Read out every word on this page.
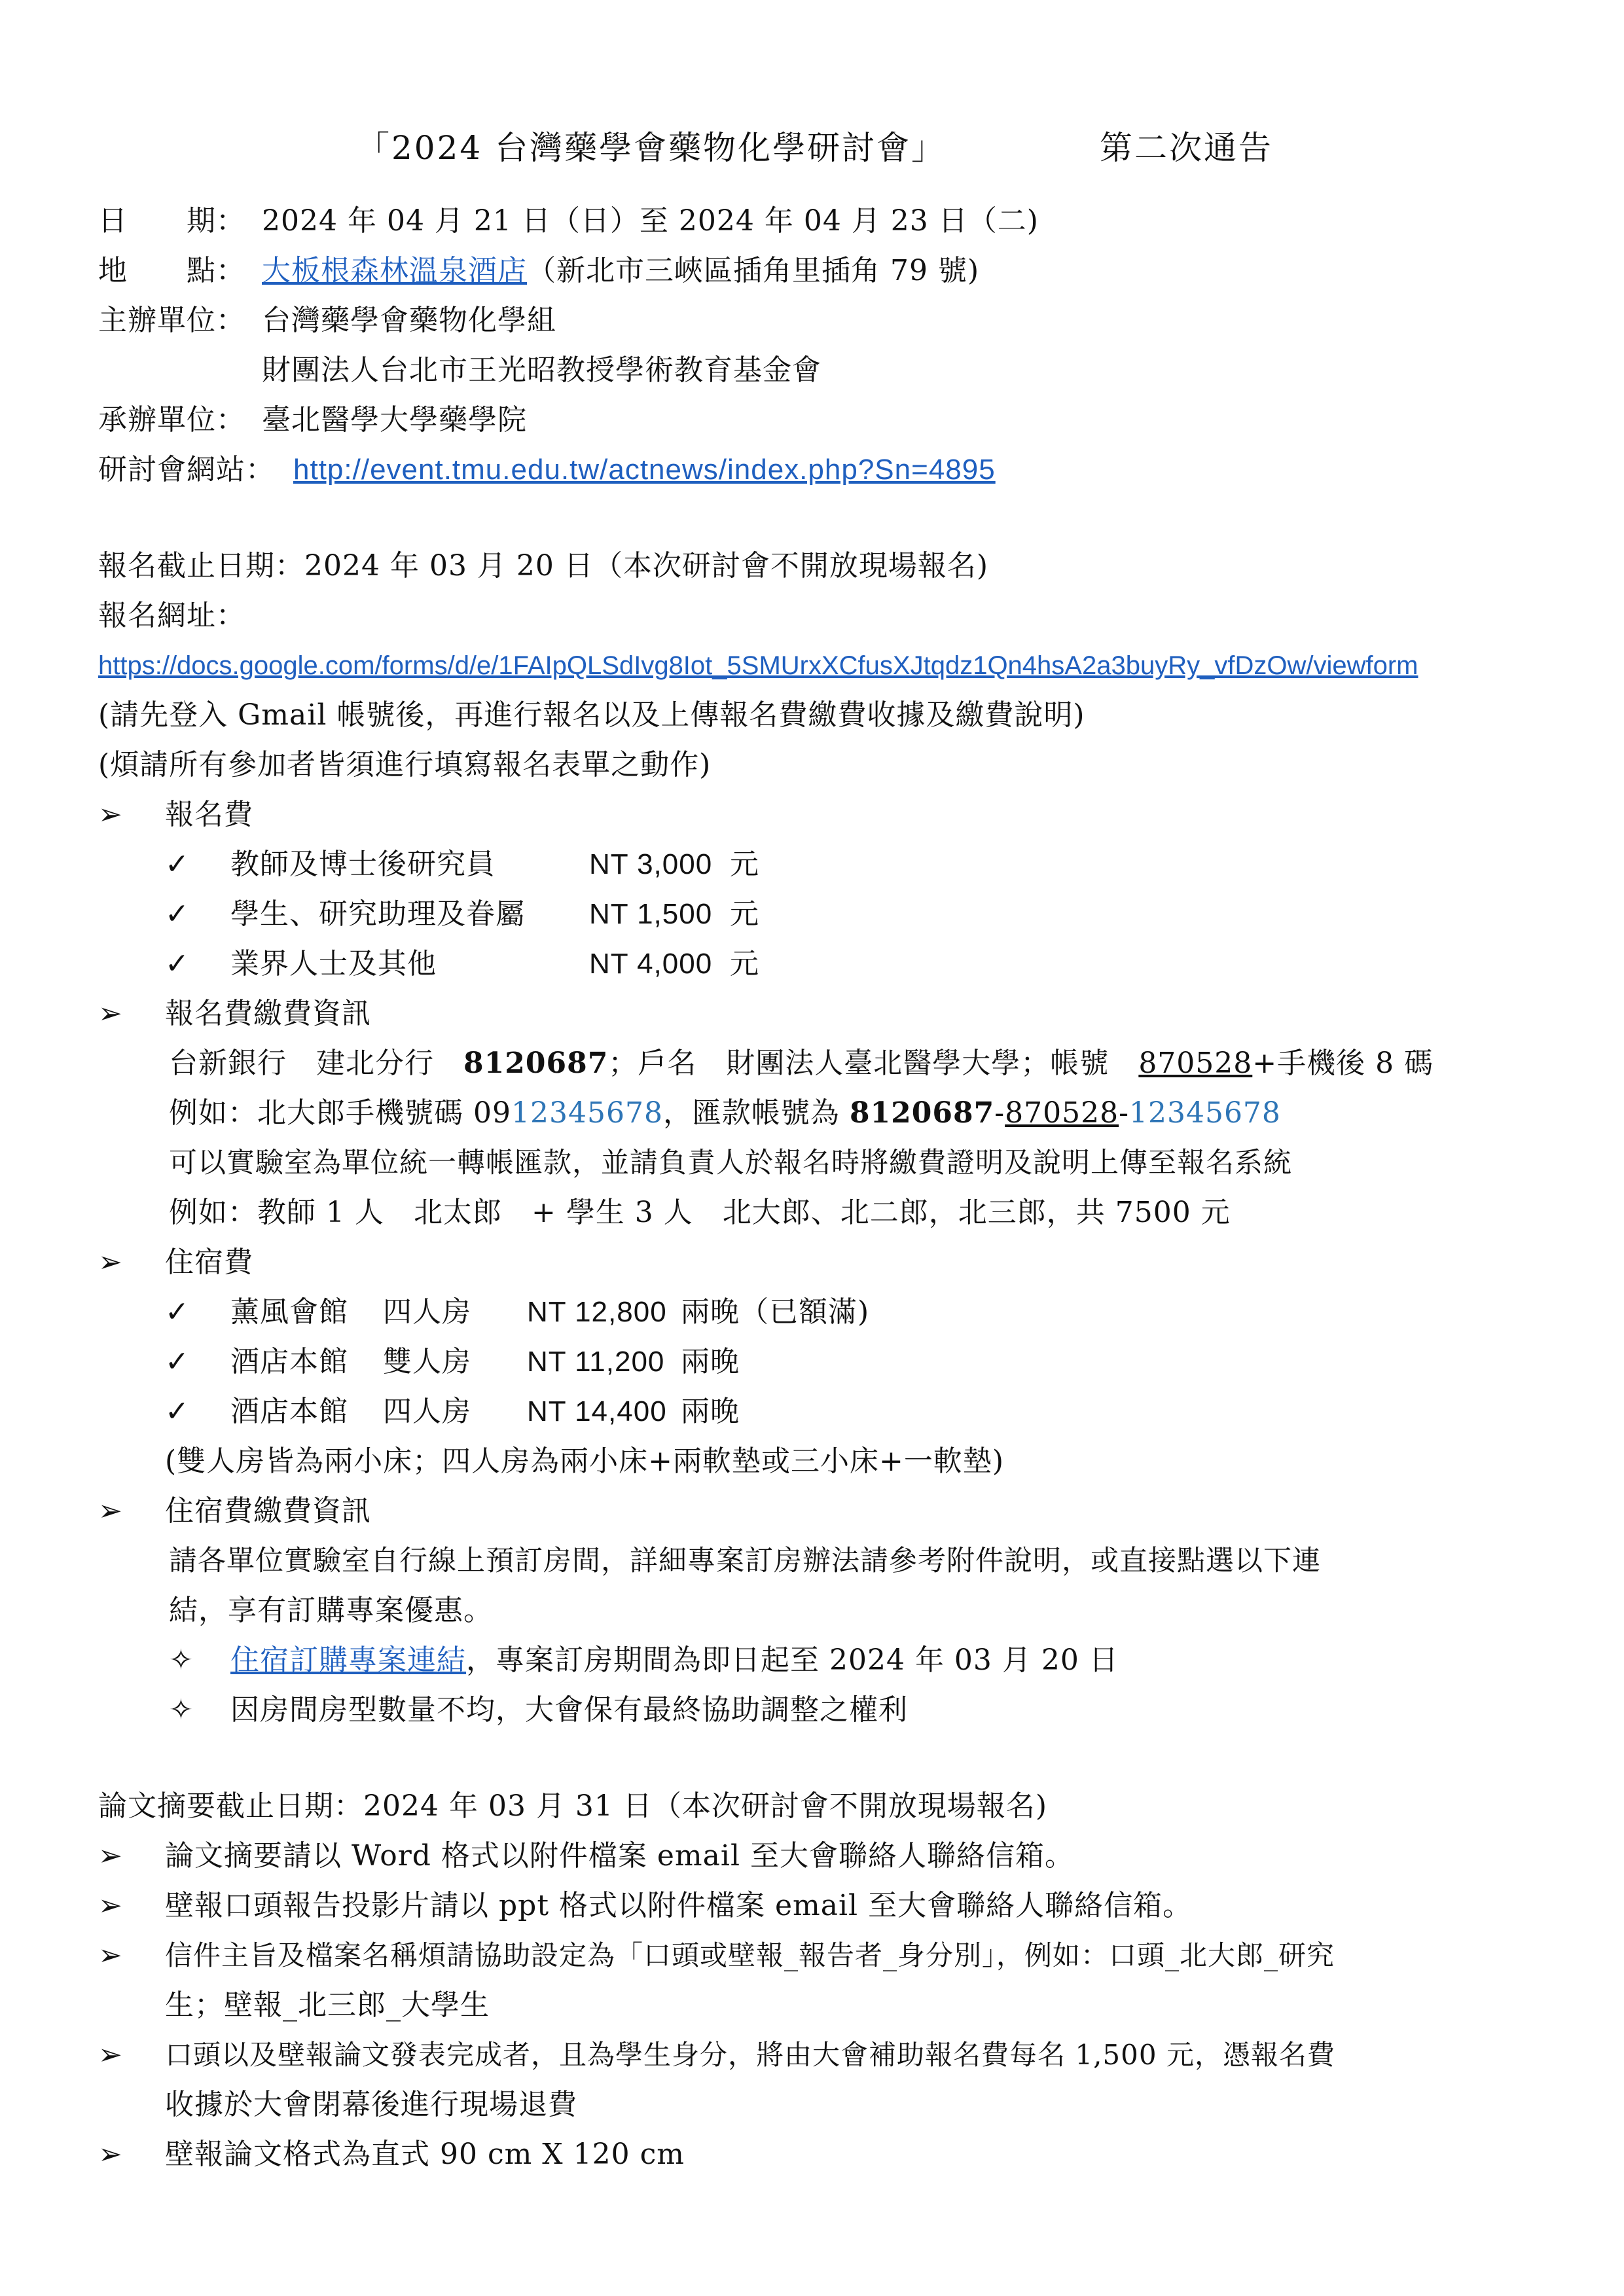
「2024 台灣藥學會藥物化學研討會」	第二次通告
日　　期： 2024 年 04 月 21 日（日）至 2024 年 04 月 23 日（二)
地　　點： 大板根森林溫泉酒店（新北市三峽區插角里插角 79 號)
主辦單位： 台灣藥學會藥物化學組
財團法人台北市王光昭教授學術教育基金會
承辦單位： 臺北醫學大學藥學院
研討會網站： http://event.tmu.edu.tw/actnews/index.php?Sn=4895
報名截止日期：2024 年 03 月 20 日（本次研討會不開放現場報名)
報名網址：
https://docs.google.com/forms/d/e/1FAIpQLSdIvg8Iot_5SMUrxXCfusXJtqdz1Qn4hsA2a3buyRy_vfDzOw/viewform
(請先登入 Gmail 帳號後，再進行報名以及上傳報名費繳費收據及繳費說明)
(煩請所有參加者皆須進行填寫報名表單之動作)
➢ 報名費
✓ 教師及博士後研究員	NT 3,000 元
✓ 學生、研究助理及眷屬 NT 1,500 元
✓ 業界人士及其他	NT 4,000 元
➢ 報名費繳費資訊
台新銀行　建北分行　8120687；戶名　財團法人臺北醫學大學；帳號　870528+手機後 8 碼
例如：北大郎手機號碼 0912345678，匯款帳號為 8120687-870528-12345678
可以實驗室為單位統一轉帳匯款，並請負責人於報名時將繳費證明及說明上傳至報名系統
例如：教師 1 人　北太郎　+ 學生 3 人　北大郎、北二郎，北三郎，共 7500 元
➢ 住宿費
✓ 薰風會館 四人房 NT 12,800 兩晚（已額滿)
✓ 酒店本館 雙人房 NT 11,200 兩晚
✓ 酒店本館 四人房 NT 14,400 兩晚
(雙人房皆為兩小床；四人房為兩小床+兩軟墊或三小床+一軟墊)
➢ 住宿費繳費資訊
請各單位實驗室自行線上預訂房間，詳細專案訂房辦法請參考附件說明，或直接點選以下連
結，享有訂購專案優惠。
✧ 住宿訂購專案連結，專案訂房期間為即日起至 2024 年 03 月 20 日
✧ 因房間房型數量不均，大會保有最終協助調整之權利
論文摘要截止日期：2024 年 03 月 31 日（本次研討會不開放現場報名)
➢ 論文摘要請以 Word 格式以附件檔案 email 至大會聯絡人聯絡信箱。
➢ 壁報口頭報告投影片請以 ppt 格式以附件檔案 email 至大會聯絡人聯絡信箱。
➢ 信件主旨及檔案名稱煩請協助設定為「口頭或壁報_報告者_身分別」，例如：口頭_北大郎_研究
生；壁報_北三郎_大學生
➢ 口頭以及壁報論文發表完成者，且為學生身分，將由大會補助報名費每名 1,500 元，憑報名費
收據於大會閉幕後進行現場退費
➢ 壁報論文格式為直式 90 cm X 120 cm
